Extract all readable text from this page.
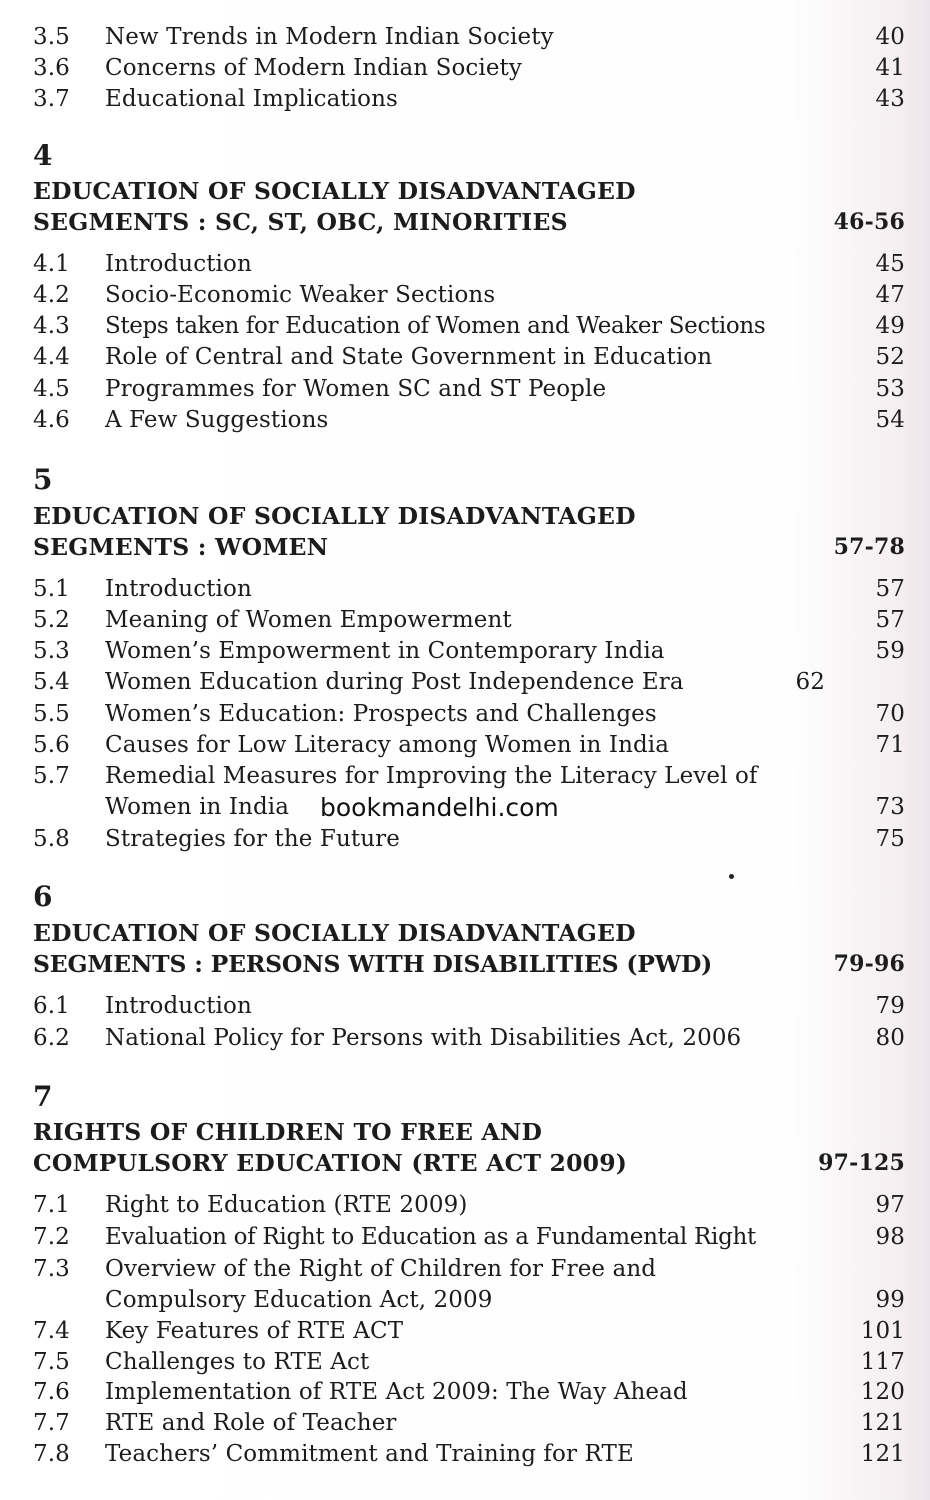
3.5 New Trends in Modern Indian Society	40
3.6 Concerns of Modern Indian Society	41
3.7 Educational Implications	43
4
EDUCATION OF SOCIALLY DISADVANTAGED
SEGMENTS : SC, ST, OBC, MINORITIES	46-56
4.1 Introduction	45
4.2 Socio-Economic Weaker Sections	47
4.3 Steps taken for Education of Women and Weaker Sections	49
4.4 Role of Central and State Government in Education	52
4.5 Programmes for Women SC and ST People	53
4.6 A Few Suggestions	54
5
EDUCATION OF SOCIALLY DISADVANTAGED
SEGMENTS : WOMEN	57-78
5.1 Introduction	57
5.2 Meaning of Women Empowerment	57
5.3 Women’s Empowerment in Contemporary India	59
5.4 Women Education during Post Independence Era	62
5.5 Women’s Education: Prospects and Challenges	70
5.6 Causes for Low Literacy among Women in India	71
5.7 Remedial Measures for Improving the Literacy Level of
Women in India	73
bookmandelhi.com
5.8 Strategies for the Future	75
6
EDUCATION OF SOCIALLY DISADVANTAGED
SEGMENTS : PERSONS WITH DISABILITIES (PWD)	79-96
6.1 Introduction	79
6.2 National Policy for Persons with Disabilities Act, 2006	80
7
RIGHTS OF CHILDREN TO FREE AND
COMPULSORY EDUCATION (RTE ACT 2009)	97-125
7.1 Right to Education (RTE 2009)	97
7.2 Evaluation of Right to Education as a Fundamental Right	98
7.3 Overview of the Right of Children for Free and
Compulsory Education Act, 2009	99
7.4 Key Features of RTE ACT	101
7.5 Challenges to RTE Act	117
7.6 Implementation of RTE Act 2009: The Way Ahead	120
7.7 RTE and Role of Teacher	121
7.8 Teachers’ Commitment and Training for RTE	121
